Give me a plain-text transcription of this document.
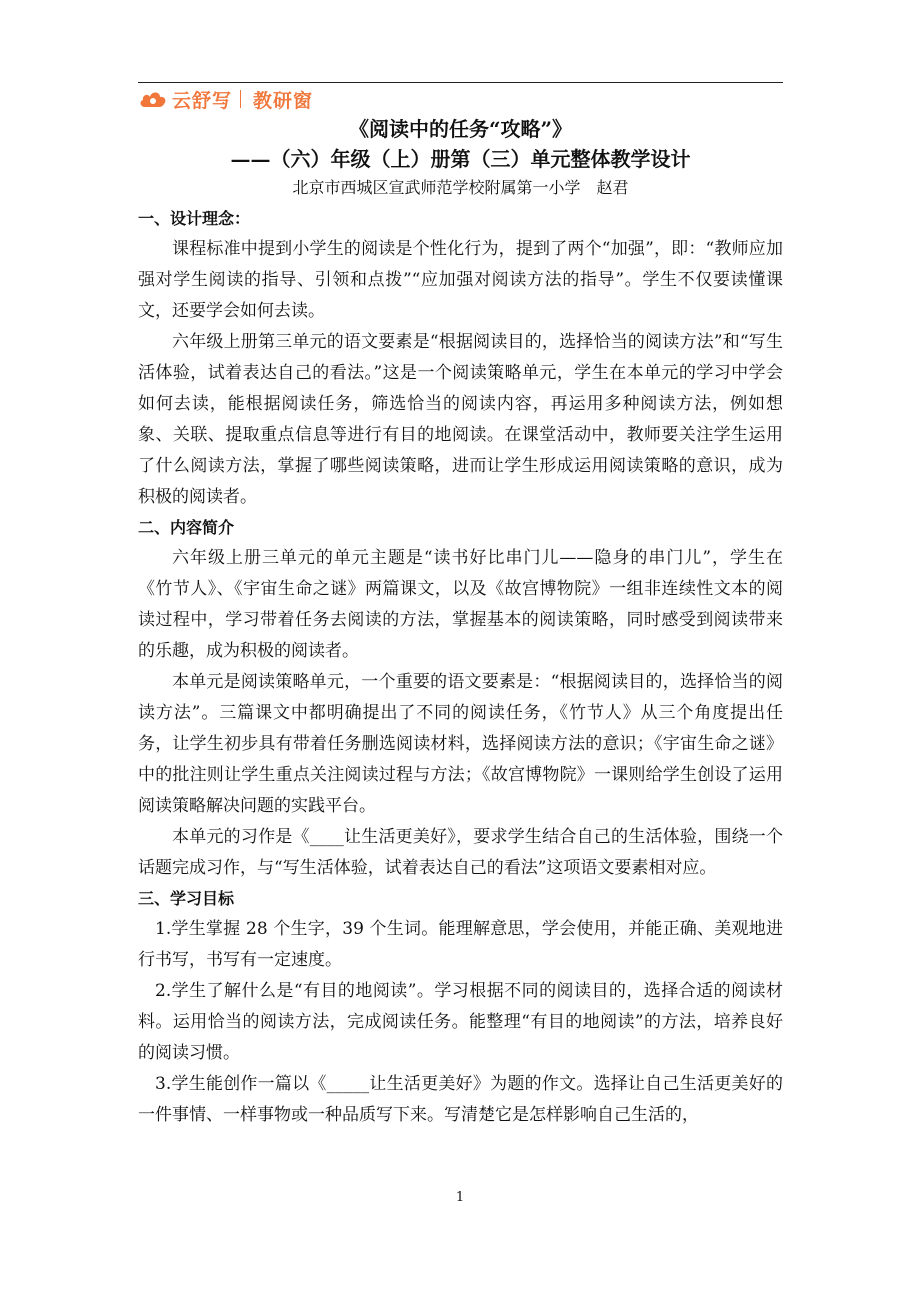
云舒写 教研窗

《阅读中的任务“攻略”》

——（六）年级（上）册第（三）单元整体教学设计

北京市西城区宣武师范学校附属第一小学　赵君

一、设计理念：

课程标准中提到小学生的阅读是个性化行为，提到了两个“加强”，即：“教师应加强对学生阅读的指导、引领和点拨”“应加强对阅读方法的指导”。学生不仅要读懂课文，还要学会如何去读。

六年级上册第三单元的语文要素是“根据阅读目的，选择恰当的阅读方法”和“写生活体验，试着表达自己的看法。”这是一个阅读策略单元，学生在本单元的学习中学会如何去读，能根据阅读任务，筛选恰当的阅读内容，再运用多种阅读方法，例如想象、关联、提取重点信息等进行有目的地阅读。在课堂活动中，教师要关注学生运用了什么阅读方法，掌握了哪些阅读策略，进而让学生形成运用阅读策略的意识，成为积极的阅读者。

二、内容简介

六年级上册三单元的单元主题是“读书好比串门儿——隐身的串门儿”，学生在《竹节人》、《宇宙生命之谜》两篇课文，以及《故宫博物院》一组非连续性文本的阅读过程中，学习带着任务去阅读的方法，掌握基本的阅读策略，同时感受到阅读带来的乐趣，成为积极的阅读者。

本单元是阅读策略单元，一个重要的语文要素是：“根据阅读目的，选择恰当的阅读方法”。三篇课文中都明确提出了不同的阅读任务，《竹节人》从三个角度提出任务，让学生初步具有带着任务删选阅读材料，选择阅读方法的意识；《宇宙生命之谜》中的批注则让学生重点关注阅读过程与方法；《故宫博物院》一课则给学生创设了运用阅读策略解决问题的实践平台。

本单元的习作是《____让生活更美好》，要求学生结合自己的生活体验，围绕一个话题完成习作，与“写生活体验，试着表达自己的看法”这项语文要素相对应。

三、学习目标

1.学生掌握 28 个生字，39 个生词。能理解意思，学会使用，并能正确、美观地进行书写，书写有一定速度。

2.学生了解什么是“有目的地阅读”。学习根据不同的阅读目的，选择合适的阅读材料。运用恰当的阅读方法，完成阅读任务。能整理“有目的地阅读”的方法，培养良好的阅读习惯。

3.学生能创作一篇以《_____让生活更美好》为题的作文。选择让自己生活更美好的一件事情、一样事物或一种品质写下来。写清楚它是怎样影响自己生活的，

1
